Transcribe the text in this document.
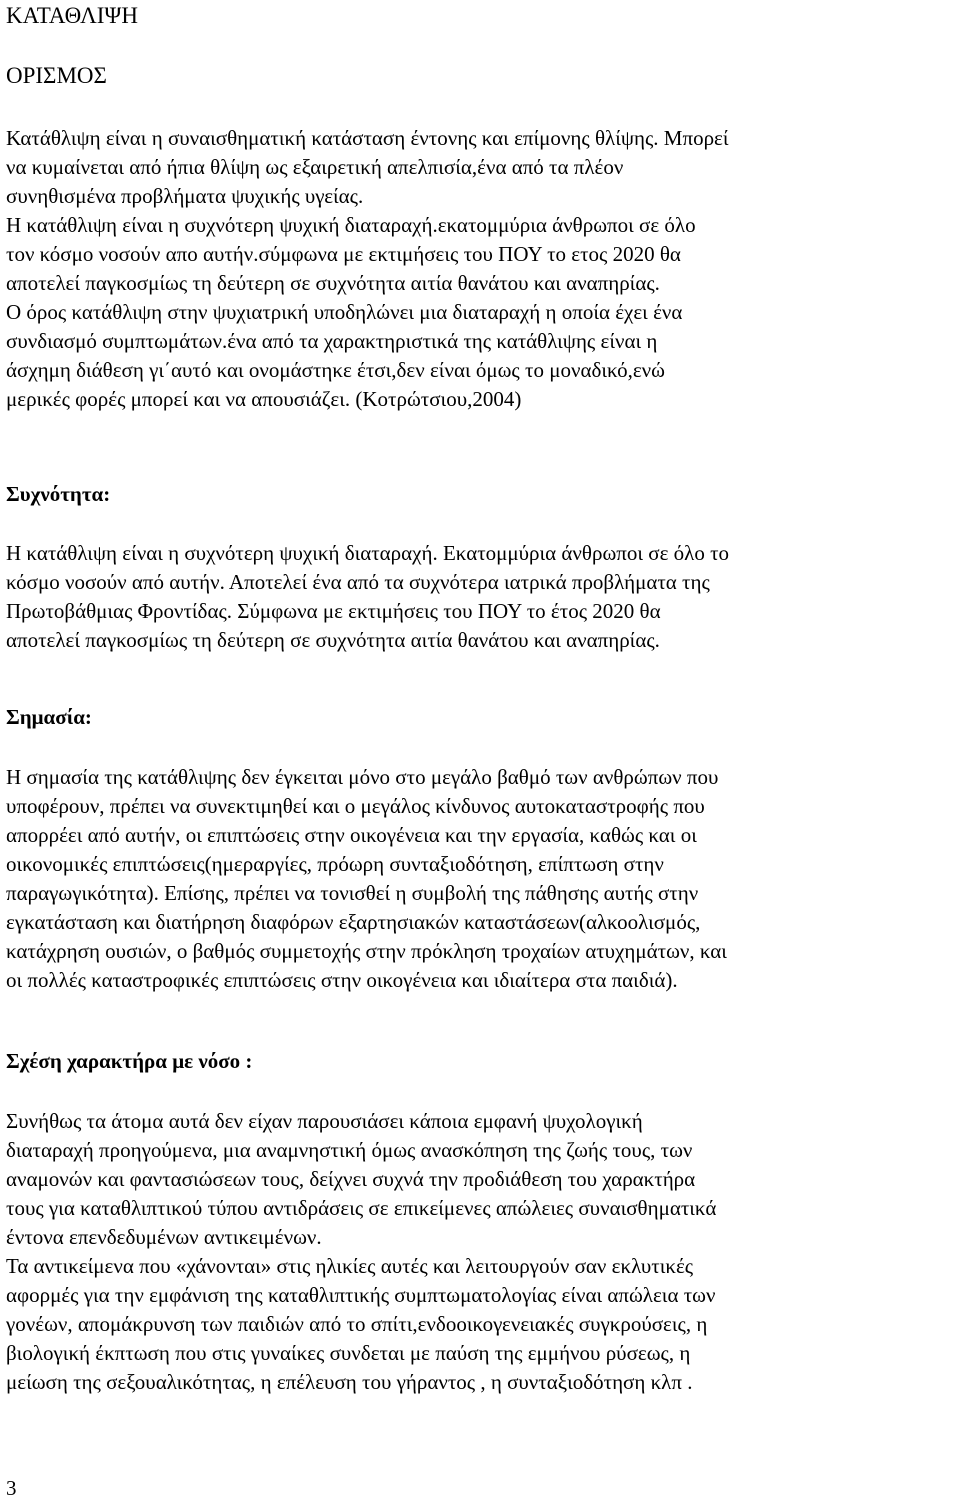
ΚΑΤΑΘΛΙΨΗ
ΟΡΙΣΜΟΣ
Κατάθλιψη είναι η συναισθηματική κατάσταση έντονης και επίμονης θλίψης. Μπορεί
να κυμαίνεται από ήπια θλίψη ως εξαιρετική απελπισία,ένα από τα πλέον
συνηθισμένα προβλήματα ψυχικής υγείας.
Η κατάθλιψη είναι η συχνότερη ψυχική διαταραχή.εκατομμύρια άνθρωποι σε όλο
τον κόσμο νοσούν απο αυτήν.σύμφωνα με εκτιμήσεις του ΠΟΥ το ετος 2020 θα
αποτελεί παγκοσμίως τη δεύτερη σε συχνότητα αιτία θανάτου και αναπηρίας.
Ο όρος κατάθλιψη στην ψυχιατρική υποδηλώνει μια διαταραχή η οποία έχει ένα
συνδιασμό συμπτωμάτων.ένα από τα χαρακτηριστικά της κατάθλιψης είναι η
άσχημη διάθεση γι΄αυτό και ονομάστηκε έτσι,δεν είναι όμως το μοναδικό,ενώ
μερικές φορές μπορεί και να απουσιάζει. (Κοτρώτσιου,2004)
Συχνότητα:
Η κατάθλιψη είναι η συχνότερη ψυχική διαταραχή. Εκατομμύρια άνθρωποι σε όλο το
κόσμο νοσούν από αυτήν. Αποτελεί ένα από τα συχνότερα ιατρικά προβλήματα της
Πρωτοβάθμιας Φροντίδας. Σύμφωνα με εκτιμήσεις του ΠΟΥ το έτος 2020 θα
αποτελεί παγκοσμίως τη δεύτερη σε συχνότητα αιτία θανάτου και αναπηρίας.
Σημασία:
Η σημασία της κατάθλιψης δεν έγκειται μόνο στο μεγάλο βαθμό των ανθρώπων που
υποφέρουν, πρέπει να συνεκτιμηθεί και ο μεγάλος κίνδυνος αυτοκαταστροφής που
απορρέει από αυτήν, οι επιπτώσεις στην οικογένεια και την εργασία, καθώς και οι
οικονομικές επιπτώσεις(ημεραργίες, πρόωρη συνταξιοδότηση, επίπτωση στην
παραγωγικότητα). Επίσης, πρέπει να τονισθεί η συμβολή της πάθησης αυτής στην
εγκατάσταση και διατήρηση διαφόρων εξαρτησιακών καταστάσεων(αλκοολισμός,
κατάχρηση ουσιών, ο βαθμός συμμετοχής στην πρόκληση τροχαίων ατυχημάτων, και
οι πολλές καταστροφικές επιπτώσεις στην οικογένεια και ιδιαίτερα στα παιδιά).
Σχέση χαρακτήρα με νόσο :
Συνήθως τα άτομα αυτά δεν είχαν παρουσιάσει κάποια εμφανή ψυχολογική
διαταραχή προηγούμενα, μια αναμνηστική όμως ανασκόπηση της ζωής τους, των
αναμονών και φαντασιώσεων τους, δείχνει συχνά την προδιάθεση του χαρακτήρα
τους για καταθλιπτικού τύπου αντιδράσεις σε επικείμενες απώλειες συναισθηματικά
έντονα επενδεδυμένων αντικειμένων.
Τα αντικείμενα που «χάνονται» στις ηλικίες αυτές και λειτουργούν σαν εκλυτικές
αφορμές για την εμφάνιση της καταθλιπτικής συμπτωματολογίας είναι απώλεια των
γονέων, απομάκρυνση των παιδιών από το σπίτι,ενδοοικογενειακές συγκρούσεις, η
βιολογική έκπτωση που στις γυναίκες συνδεται με παύση της εμμήνου ρύσεως, η
μείωση της σεξουαλικότητας, η επέλευση του γήραντος , η συνταξιοδότηση κλπ .
3
